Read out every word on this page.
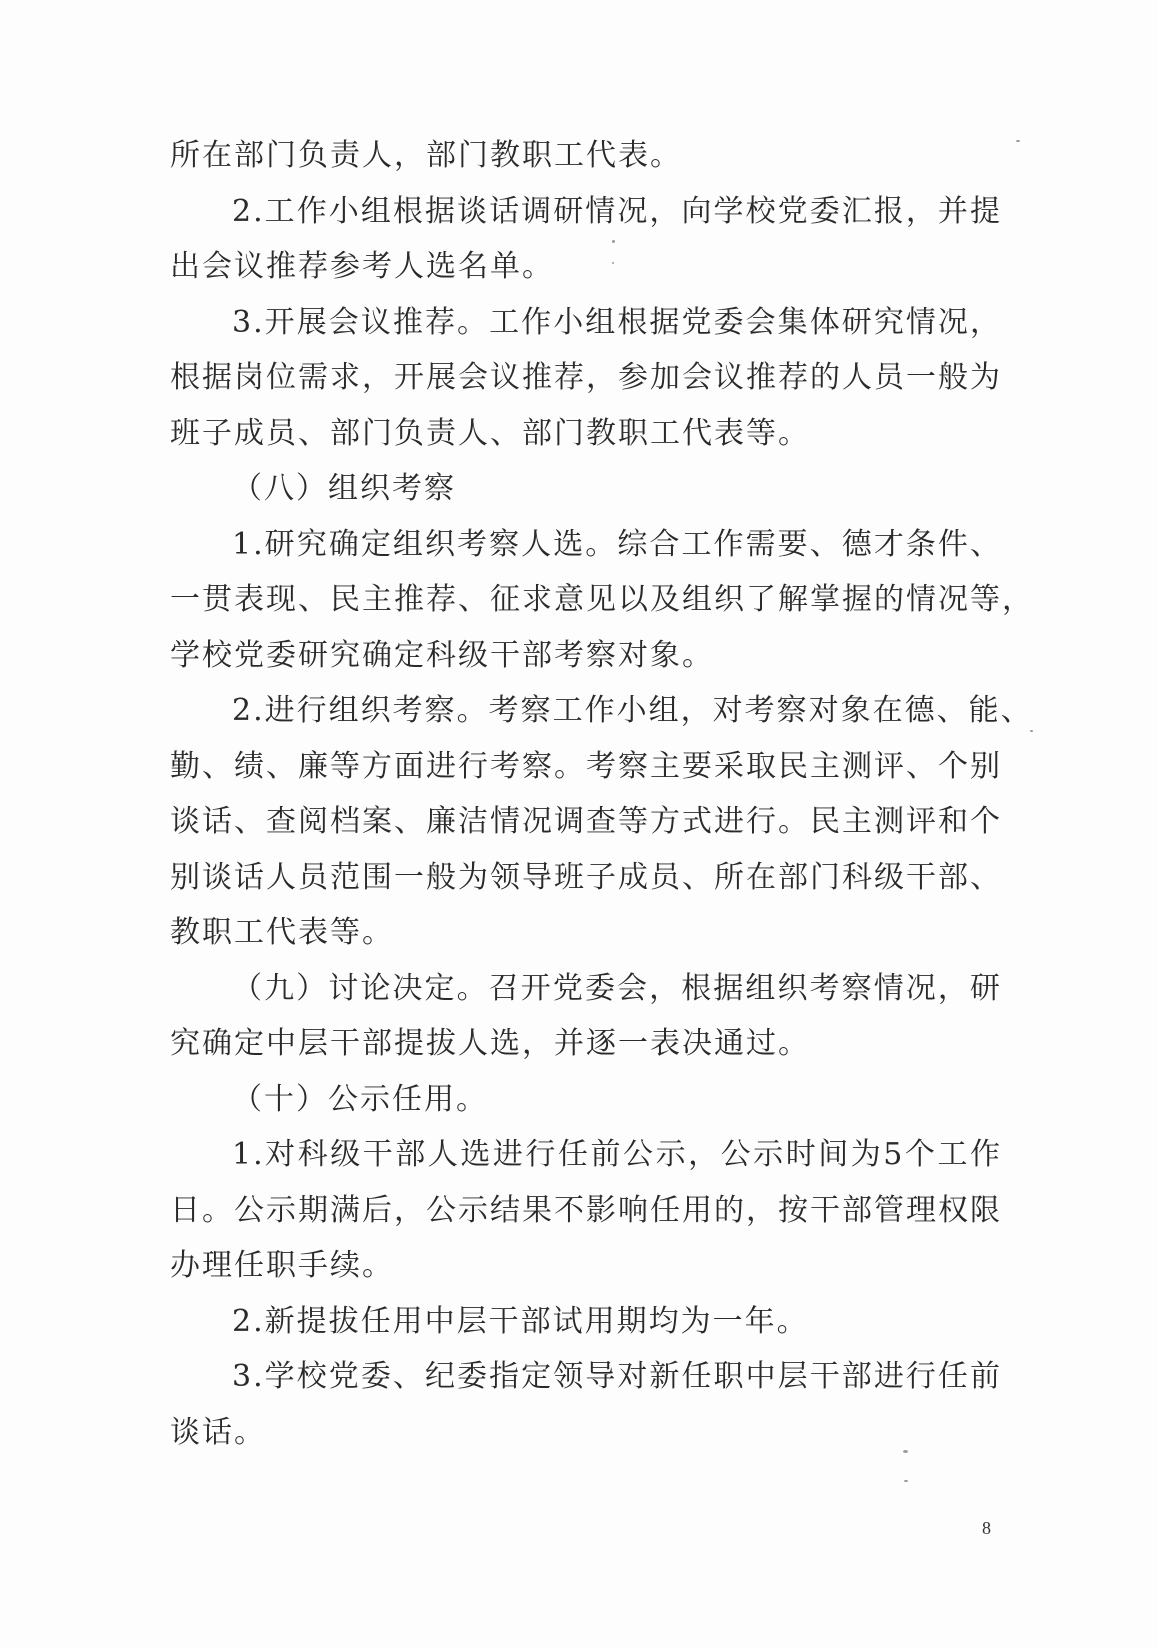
所在部门负责人，部门教职工代表。
2.工作小组根据谈话调研情况，向学校党委汇报，并提
出会议推荐参考人选名单。
3.开展会议推荐。工作小组根据党委会集体研究情况，
根据岗位需求，开展会议推荐，参加会议推荐的人员一般为
班子成员、部门负责人、部门教职工代表等。
（八）组织考察
1.研究确定组织考察人选。综合工作需要、德才条件、
一贯表现、民主推荐、征求意见以及组织了解掌握的情况等，
学校党委研究确定科级干部考察对象。
2.进行组织考察。考察工作小组，对考察对象在德、能、
勤、绩、廉等方面进行考察。考察主要采取民主测评、个别
谈话、查阅档案、廉洁情况调查等方式进行。民主测评和个
别谈话人员范围一般为领导班子成员、所在部门科级干部、
教职工代表等。
（九）讨论决定。召开党委会，根据组织考察情况，研
究确定中层干部提拔人选，并逐一表决通过。
（十）公示任用。
1.对科级干部人选进行任前公示，公示时间为5个工作
日。公示期满后，公示结果不影响任用的，按干部管理权限
办理任职手续。
2.新提拔任用中层干部试用期均为一年。
3.学校党委、纪委指定领导对新任职中层干部进行任前
谈话。
8
